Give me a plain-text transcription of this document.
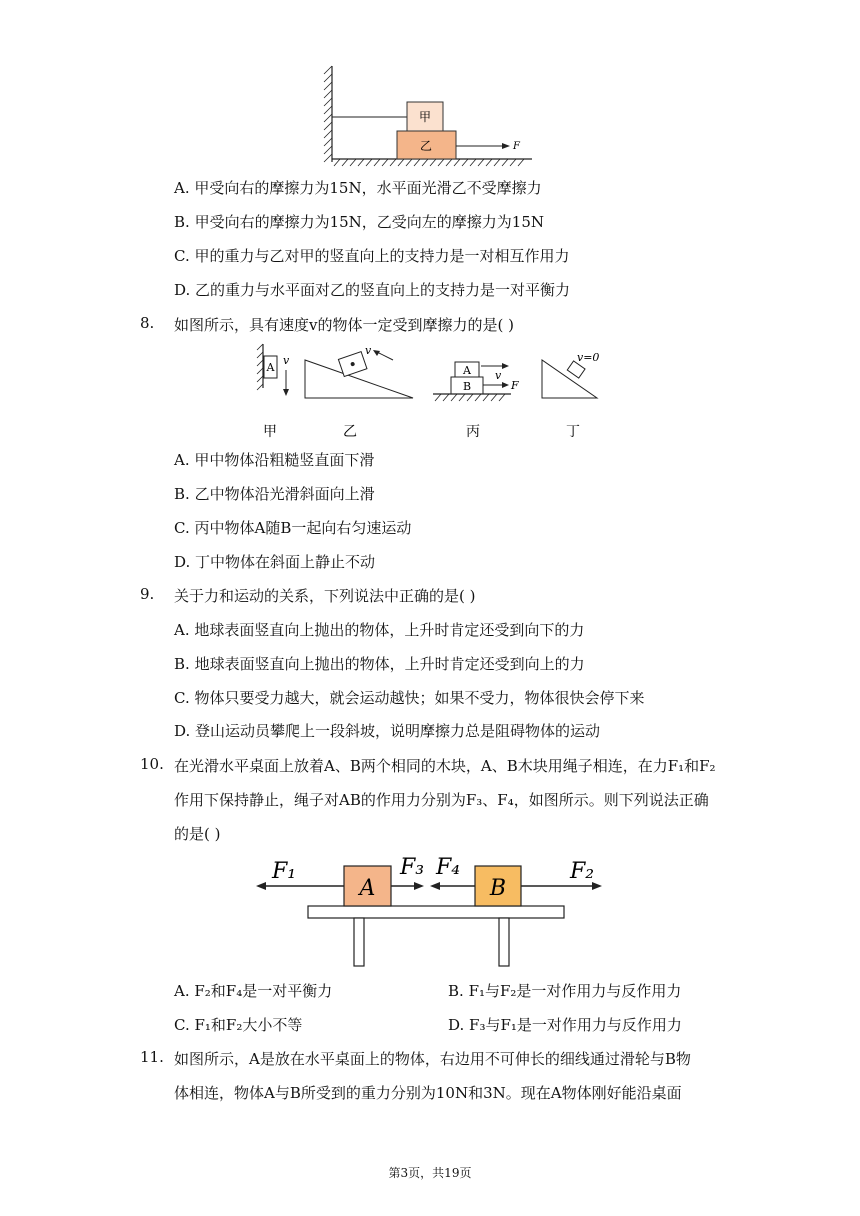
甲
乙	F
A. 甲受向右的摩擦力为15N，水平面光滑乙不受摩擦力
B. 甲受向右的摩擦力为15N，乙受向左的摩擦力为15N
C. 甲的重力与乙对甲的竖直向上的支持力是一对相互作用力
D. 乙的重力与水平面对乙的竖直向上的支持力是一对平衡力
8. 如图所示，具有速度v的物体一定受到摩擦力的是( )
A
v
v
A
B
v
F
v=0
甲	乙	丙	丁
A. 甲中物体沿粗糙竖直面下滑
B. 乙中物体沿光滑斜面向上滑
C. 丙中物体A随B一起向右匀速运动
D. 丁中物体在斜面上静止不动
9. 关于力和运动的关系，下列说法中正确的是( )
A. 地球表面竖直向上抛出的物体，上升时肯定还受到向下的力
B. 地球表面竖直向上抛出的物体，上升时肯定还受到向上的力
C. 物体只要受力越大，就会运动越快；如果不受力，物体很快会停下来
D. 登山运动员攀爬上一段斜坡，说明摩擦力总是阻碍物体的运动
10. 在光滑水平桌面上放着A、B两个相同的木块，A、B木块用绳子相连，在力F₁和F₂
作用下保持静止，绳子对AB的作用力分别为F₃、F₄，如图所示。则下列说法正确
的是( )
A	B
F₁	F₃ F₄	F₂
A. F₂和F₄是一对平衡力	B. F₁与F₂是一对作用力与反作用力
C. F₁和F₂大小不等	D. F₃与F₁是一对作用力与反作用力
11. 如图所示，A是放在水平桌面上的物体，右边用不可伸长的细线通过滑轮与B物
体相连，物体A与B所受到的重力分别为10N和3N。现在A物体刚好能沿桌面
第3页，共19页
